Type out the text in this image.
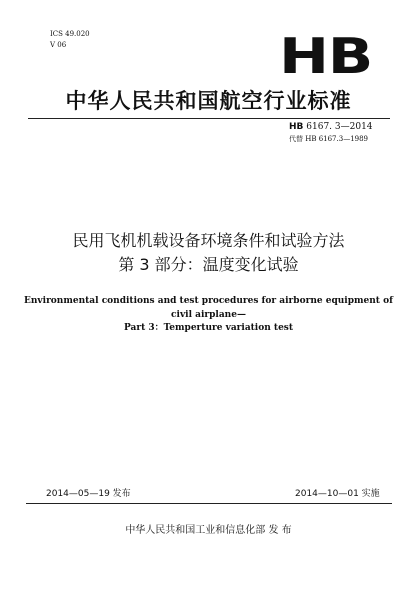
ICS 49.020
V 06	HB
中华人民共和国航空行业标准
HB 6167. 3—2014
代替 HB 6167.3—1989
民用飞机机载设备环境条件和试验方法
第 3 部分：温度变化试验
Environmental conditions and test procedures for airborne equipment of
civil airplane—
Part 3：Temperture variation test
2014—05—19 发布	2014—10—01 实施
中华人民共和国工业和信息化部 发 布
